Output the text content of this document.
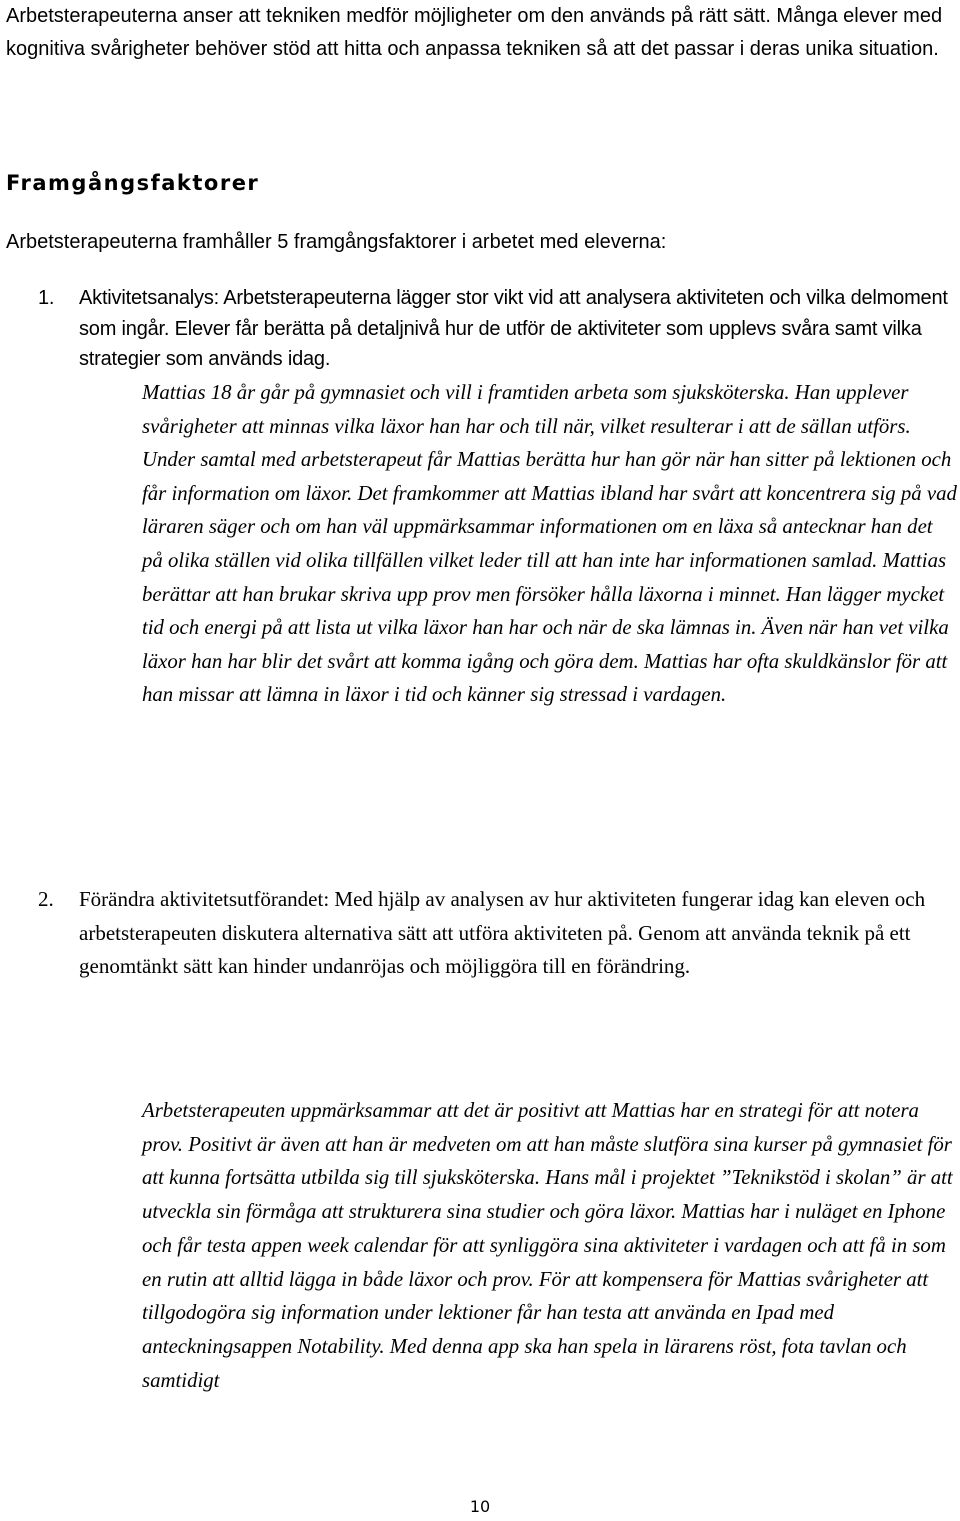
Arbetsterapeuterna anser att tekniken medför möjligheter om den används på rätt sätt. Många elever med kognitiva svårigheter behöver stöd att hitta och anpassa tekniken så att det passar i deras unika situation.

Framgångsfaktorer

Arbetsterapeuterna framhåller 5 framgångsfaktorer i arbetet med eleverna:

1. Aktivitetsanalys: Arbetsterapeuterna lägger stor vikt vid att analysera aktiviteten och vilka delmoment som ingår. Elever får berätta på detaljnivå hur de utför de aktiviteter som upplevs svåra samt vilka strategier som används idag.

Mattias 18 år går på gymnasiet och vill i framtiden arbeta som sjuksköterska. Han upplever svårigheter att minnas vilka läxor han har och till när, vilket resulterar i att de sällan utförs. Under samtal med arbetsterapeut får Mattias berätta hur han gör när han sitter på lektionen och får information om läxor. Det framkommer att Mattias ibland har svårt att koncentrera sig på vad läraren säger och om han väl uppmärksammar informationen om en läxa så antecknar han det på olika ställen vid olika tillfällen vilket leder till att han inte har informationen samlad. Mattias berättar att han brukar skriva upp prov men försöker hålla läxorna i minnet. Han lägger mycket tid och energi på att lista ut vilka läxor han har och när de ska lämnas in. Även när han vet vilka läxor han har blir det svårt att komma igång och göra dem. Mattias har ofta skuldkänslor för att han missar att lämna in läxor i tid och känner sig stressad i vardagen.

2. Förändra aktivitetsutförandet: Med hjälp av analysen av hur aktiviteten fungerar idag kan eleven och arbetsterapeuten diskutera alternativa sätt att utföra aktiviteten på. Genom att använda teknik på ett genomtänkt sätt kan hinder undanröjas och möjliggöra till en förändring.

Arbetsterapeuten uppmärksammar att det är positivt att Mattias har en strategi för att notera prov. Positivt är även att han är medveten om att han måste slutföra sina kurser på gymnasiet för att kunna fortsätta utbilda sig till sjuksköterska. Hans mål i projektet ”Teknikstöd i skolan” är att utveckla sin förmåga att strukturera sina studier och göra läxor. Mattias har i nuläget en Iphone och får testa appen week calendar för att synliggöra sina aktiviteter i vardagen och att få in som en rutin att alltid lägga in både läxor och prov. För att kompensera för Mattias svårigheter att tillgodogöra sig information under lektioner får han testa att använda en Ipad med anteckningsappen Notability. Med denna app ska han spela in lärarens röst, fota tavlan och samtidigt

10
